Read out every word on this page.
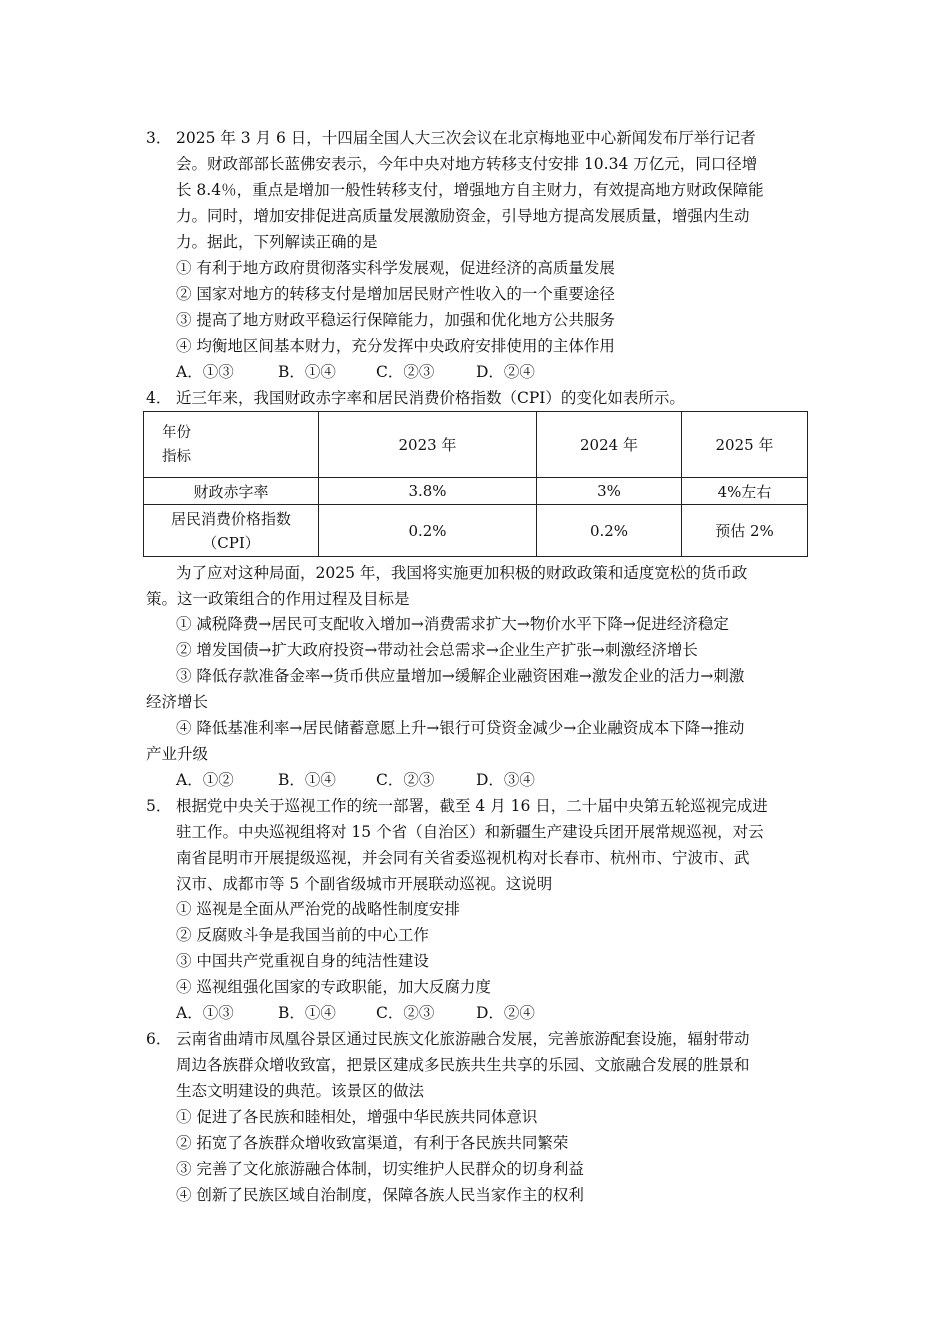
3． 2025 年 3 月 6 日，十四届全国人大三次会议在北京梅地亚中心新闻发布厅举行记者
会。财政部部长蓝佛安表示，今年中央对地方转移支付安排 10.34 万亿元，同口径增
长 8.4％，重点是增加一般性转移支付，增强地方自主财力，有效提高地方财政保障能
力。同时，增加安排促进高质量发展激励资金，引导地方提高发展质量，增强内生动
力。据此，下列解读正确的是
① 有利于地方政府贯彻落实科学发展观，促进经济的高质量发展
② 国家对地方的转移支付是增加居民财产性收入的一个重要途径
③ 提高了地方财政平稳运行保障能力，加强和优化地方公共服务
④ 均衡地区间基本财力，充分发挥中央政府安排使用的主体作用
A．①③	B．①④	C．②③	D．②④
4． 近三年来，我国财政赤字率和居民消费价格指数（CPI）的变化如表所示。
年份
指标	2023 年	2024 年	2025 年
财政赤字率	3.8%	3%	4%左右

居民消费价格指数
（CPI）	0.2%	0.2%	预估 2%
为了应对这种局面，2025 年，我国将实施更加积极的财政政策和适度宽松的货币政
策。这一政策组合的作用过程及目标是
① 减税降费→居民可支配收入增加→消费需求扩大→物价水平下降→促进经济稳定
② 增发国债→扩大政府投资→带动社会总需求→企业生产扩张→刺激经济增长
③ 降低存款准备金率→货币供应量增加→缓解企业融资困难→激发企业的活力→刺激
经济增长
④ 降低基准利率→居民储蓄意愿上升→银行可贷资金减少→企业融资成本下降→推动
产业升级
A．①②	B．①④	C．②③	D．③④
5． 根据党中央关于巡视工作的统一部署，截至 4 月 16 日，二十届中央第五轮巡视完成进
驻工作。中央巡视组将对 15 个省（自治区）和新疆生产建设兵团开展常规巡视，对云
南省昆明市开展提级巡视，并会同有关省委巡视机构对长春市、杭州市、宁波市、武
汉市、成都市等 5 个副省级城市开展联动巡视。这说明
① 巡视是全面从严治党的战略性制度安排
② 反腐败斗争是我国当前的中心工作
③ 中国共产党重视自身的纯洁性建设
④ 巡视组强化国家的专政职能，加大反腐力度
A．①③	B．①④	C．②③	D．②④
6． 云南省曲靖市凤凰谷景区通过民族文化旅游融合发展，完善旅游配套设施，辐射带动
周边各族群众增收致富，把景区建成多民族共生共享的乐园、文旅融合发展的胜景和
生态文明建设的典范。该景区的做法
① 促进了各民族和睦相处，增强中华民族共同体意识
② 拓宽了各族群众增收致富渠道，有利于各民族共同繁荣
③ 完善了文化旅游融合体制，切实维护人民群众的切身利益
④ 创新了民族区域自治制度，保障各族人民当家作主的权利
